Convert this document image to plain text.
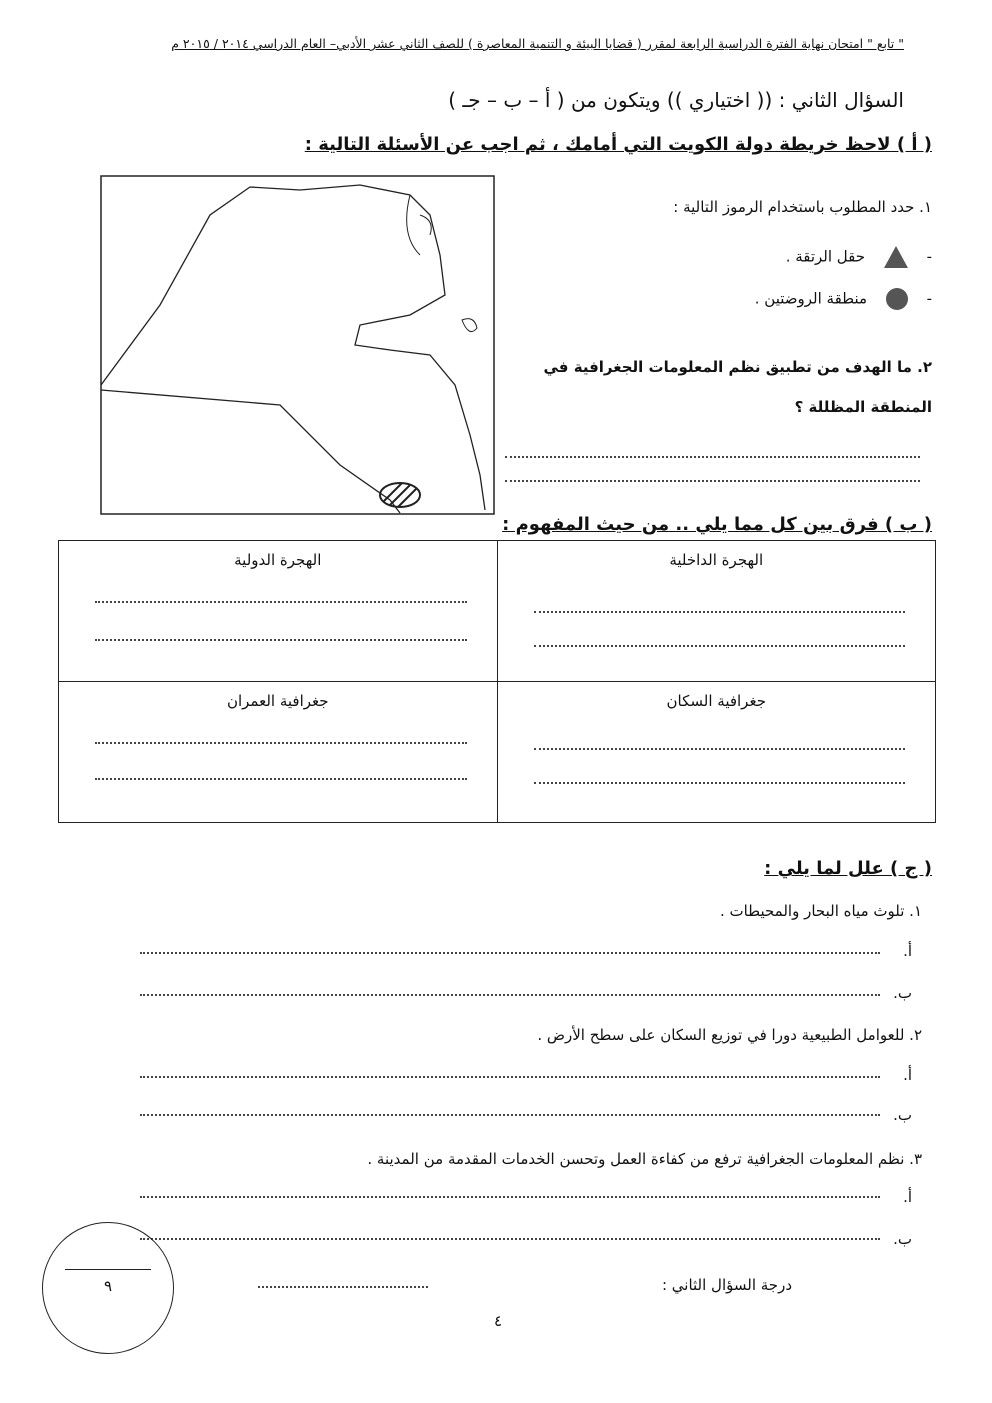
" تابع " امتحان نهاية الفترة الدراسية الرابعة لمقرر ( قضايا البيئة و التنمية المعاصرة ) للصف الثاني عشر الأدبي– العام الدراسي ٢٠١٤ / ٢٠١٥ م
السؤال الثاني : (( اختياري )) ويتكون من ( أ – ب – جـ )
( أ ) لاحظ خريطة دولة الكويت التي أمامك ، ثم اجب عن الأسئلة التالية :
١. حدد المطلوب باستخدام الرموز التالية :
-  حقل الرتقة .
-  منطقة الروضتين .
٢. ما الهدف من تطبيق نظم المعلومات الجغرافية في
المنطقة المظللة ؟
( ب ) فرق بين كل مما يلي .. من حيث المفهوم :
الهجرة الداخلية	الهجرة الدولية

جغرافية السكان	جغرافية العمران
( ج ) علل لما يلي :
١. تلوث مياه البحار والمحيطات .
أ.
ب.
٢. للعوامل الطبيعية دورا في توزيع السكان على سطح الأرض .
أ.
ب.
٣. نظم المعلومات الجغرافية ترفع من كفاءة العمل وتحسن الخدمات المقدمة من المدينة .
أ.
ب.
درجة السؤال الثاني :
٩
٤
